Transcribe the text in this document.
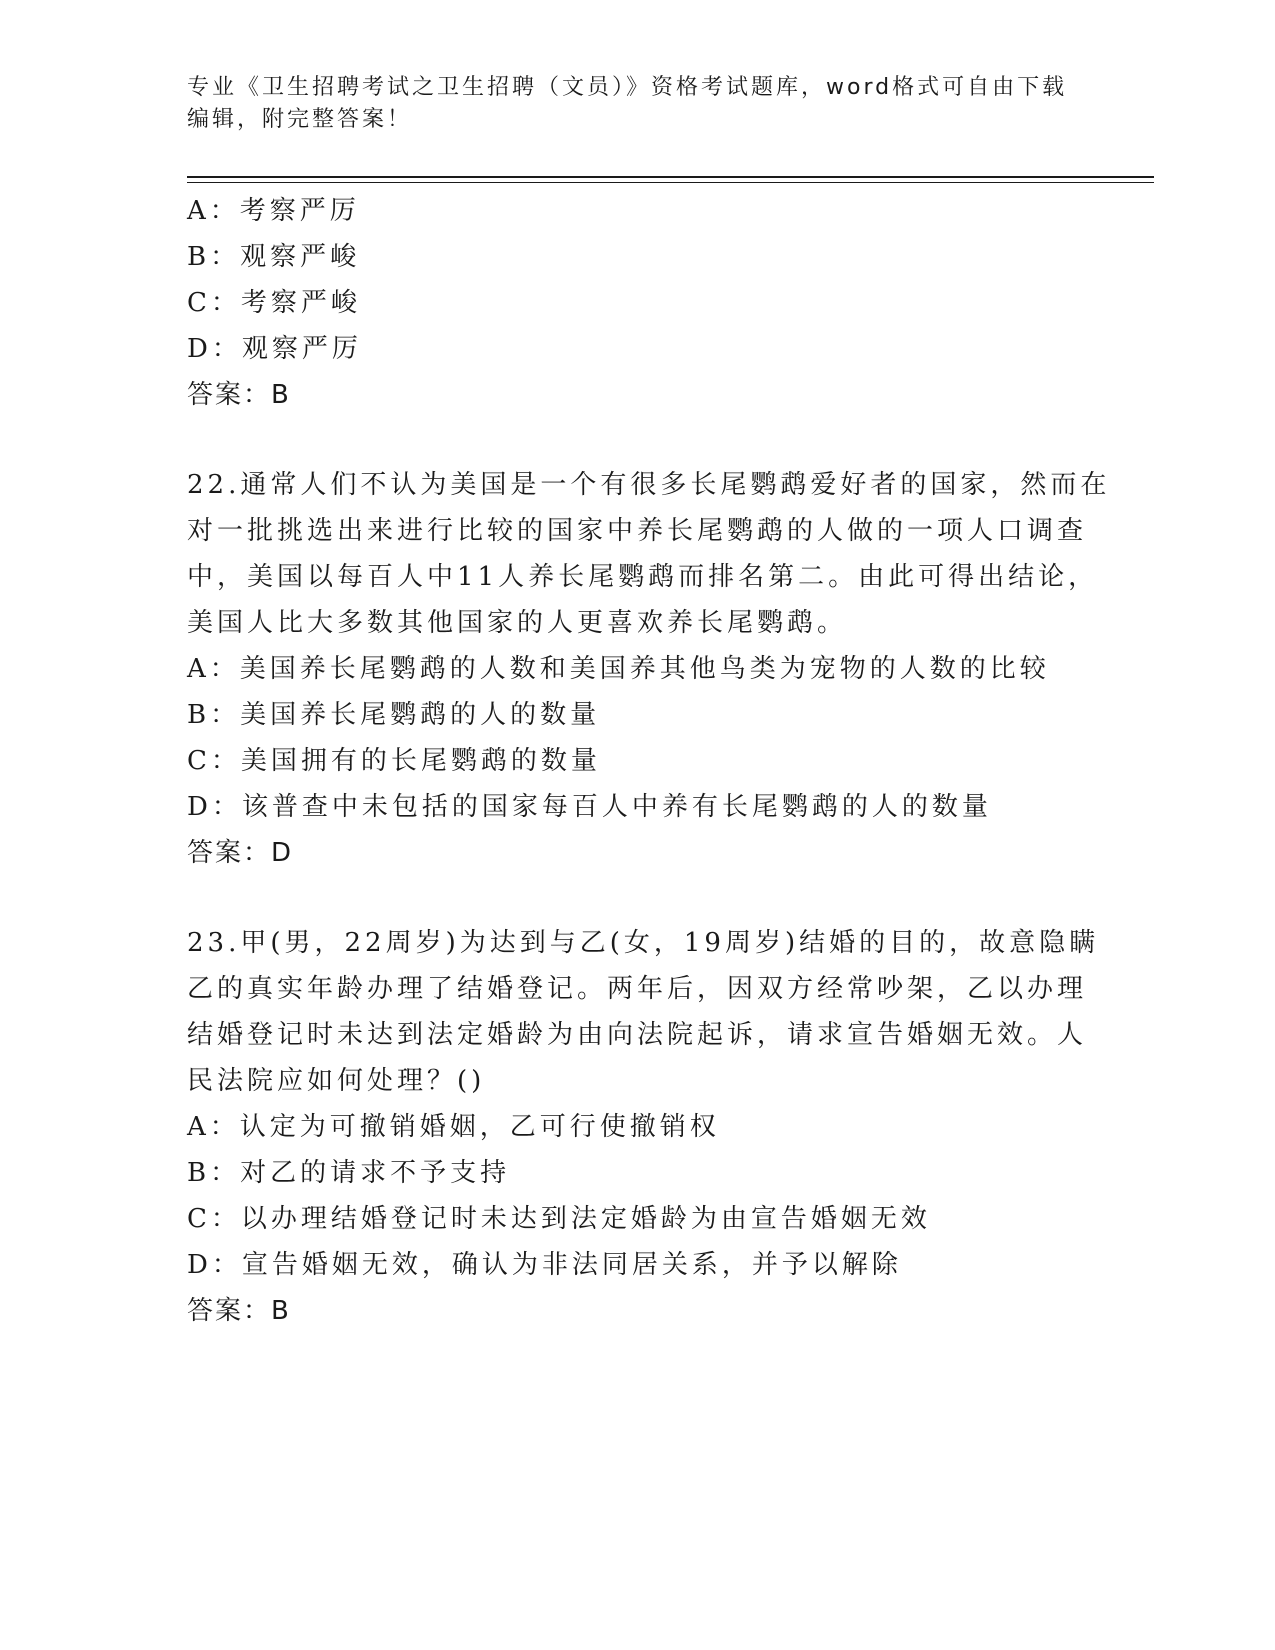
专业《卫生招聘考试之卫生招聘（文员）》资格考试题库，word格式可自由下载
编辑，附完整答案！
A：考察严厉
B：观察严峻
C：考察严峻
D：观察严厉
答案：B
22.通常人们不认为美国是一个有很多长尾鹦鹉爱好者的国家，然而在
对一批挑选出来进行比较的国家中养长尾鹦鹉的人做的一项人口调查
中，美国以每百人中11人养长尾鹦鹉而排名第二。由此可得出结论，
美国人比大多数其他国家的人更喜欢养长尾鹦鹉。
A：美国养长尾鹦鹉的人数和美国养其他鸟类为宠物的人数的比较
B：美国养长尾鹦鹉的人的数量
C：美国拥有的长尾鹦鹉的数量
D：该普查中未包括的国家每百人中养有长尾鹦鹉的人的数量
答案：D
23.甲(男，22周岁)为达到与乙(女，19周岁)结婚的目的，故意隐瞒
乙的真实年龄办理了结婚登记。两年后，因双方经常吵架，乙以办理
结婚登记时未达到法定婚龄为由向法院起诉，请求宣告婚姻无效。人
民法院应如何处理？()
A：认定为可撤销婚姻，乙可行使撤销权
B：对乙的请求不予支持
C：以办理结婚登记时未达到法定婚龄为由宣告婚姻无效
D：宣告婚姻无效，确认为非法同居关系，并予以解除
答案：B
